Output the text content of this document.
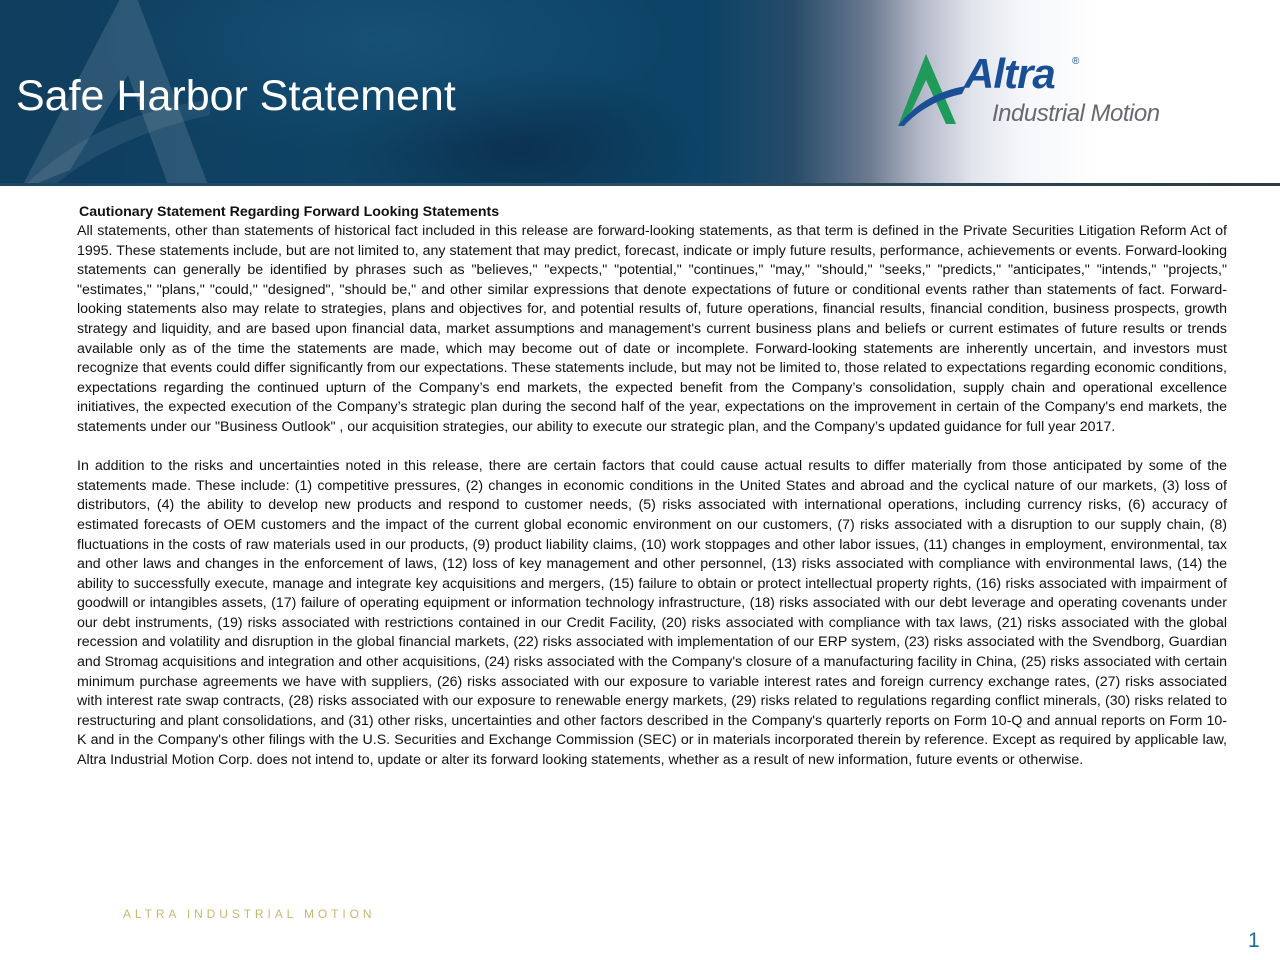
Safe Harbor Statement	Altra ®
Industrial Motion
Cautionary Statement Regarding Forward Looking Statements

All statements, other than statements of historical fact included in this release are forward-looking statements, as that term is defined in the Private Securities Litigation Reform Act of 1995. These statements include, but are not limited to, any statement that may predict, forecast, indicate or imply future results, performance, achievements or events. Forward-looking statements can generally be identified by phrases such as "believes," "expects," "potential," "continues," "may," "should," "seeks," "predicts," "anticipates," "intends," "projects," "estimates," "plans," "could," "designed", "should be," and other similar expressions that denote expectations of future or conditional events rather than statements of fact. Forward-looking statements also may relate to strategies, plans and objectives for, and potential results of, future operations, financial results, financial condition, business prospects, growth strategy and liquidity, and are based upon financial data, market assumptions and management's current business plans and beliefs or current estimates of future results or trends available only as of the time the statements are made, which may become out of date or incomplete. Forward-looking statements are inherently uncertain, and investors must recognize that events could differ significantly from our expectations. These statements include, but may not be limited to, those related to expectations regarding economic conditions, expectations regarding the continued upturn of the Company’s end markets, the expected benefit from the Company’s consolidation, supply chain and operational excellence initiatives, the expected execution of the Company’s strategic plan during the second half of the year, expectations on the improvement in certain of the Company's end markets, the statements under our "Business Outlook" , our acquisition strategies, our ability to execute our strategic plan, and the Company’s updated guidance for full year 2017.

In addition to the risks and uncertainties noted in this release, there are certain factors that could cause actual results to differ materially from those anticipated by some of the statements made. These include: (1) competitive pressures, (2) changes in economic conditions in the United States and abroad and the cyclical nature of our markets, (3) loss of distributors, (4) the ability to develop new products and respond to customer needs, (5) risks associated with international operations, including currency risks, (6) accuracy of estimated forecasts of OEM customers and the impact of the current global economic environment on our customers, (7) risks associated with a disruption to our supply chain, (8) fluctuations in the costs of raw materials used in our products, (9) product liability claims, (10) work stoppages and other labor issues, (11) changes in employment, environmental, tax and other laws and changes in the enforcement of laws, (12) loss of key management and other personnel, (13) risks associated with compliance with environmental laws, (14) the ability to successfully execute, manage and integrate key acquisitions and mergers, (15) failure to obtain or protect intellectual property rights, (16) risks associated with impairment of goodwill or intangibles assets, (17) failure of operating equipment or information technology infrastructure, (18) risks associated with our debt leverage and operating covenants under our debt instruments, (19) risks associated with restrictions contained in our Credit Facility, (20) risks associated with compliance with tax laws, (21) risks associated with the global recession and volatility and disruption in the global financial markets, (22) risks associated with implementation of our ERP system, (23) risks associated with the Svendborg, Guardian and Stromag acquisitions and integration and other acquisitions, (24) risks associated with the Company's closure of a manufacturing facility in China, (25) risks associated with certain minimum purchase agreements we have with suppliers, (26) risks associated with our exposure to variable interest rates and foreign currency exchange rates, (27) risks associated with interest rate swap contracts, (28) risks associated with our exposure to renewable energy markets, (29) risks related to regulations regarding conflict minerals, (30) risks related to restructuring and plant consolidations, and (31) other risks, uncertainties and other factors described in the Company's quarterly reports on Form 10-Q and annual reports on Form 10-K and in the Company's other filings with the U.S. Securities and Exchange Commission (SEC) or in materials incorporated therein by reference. Except as required by applicable law, Altra Industrial Motion Corp. does not intend to, update or alter its forward looking statements, whether as a result of new information, future events or otherwise.

ALTRA INDUSTRIAL MOTION
1
